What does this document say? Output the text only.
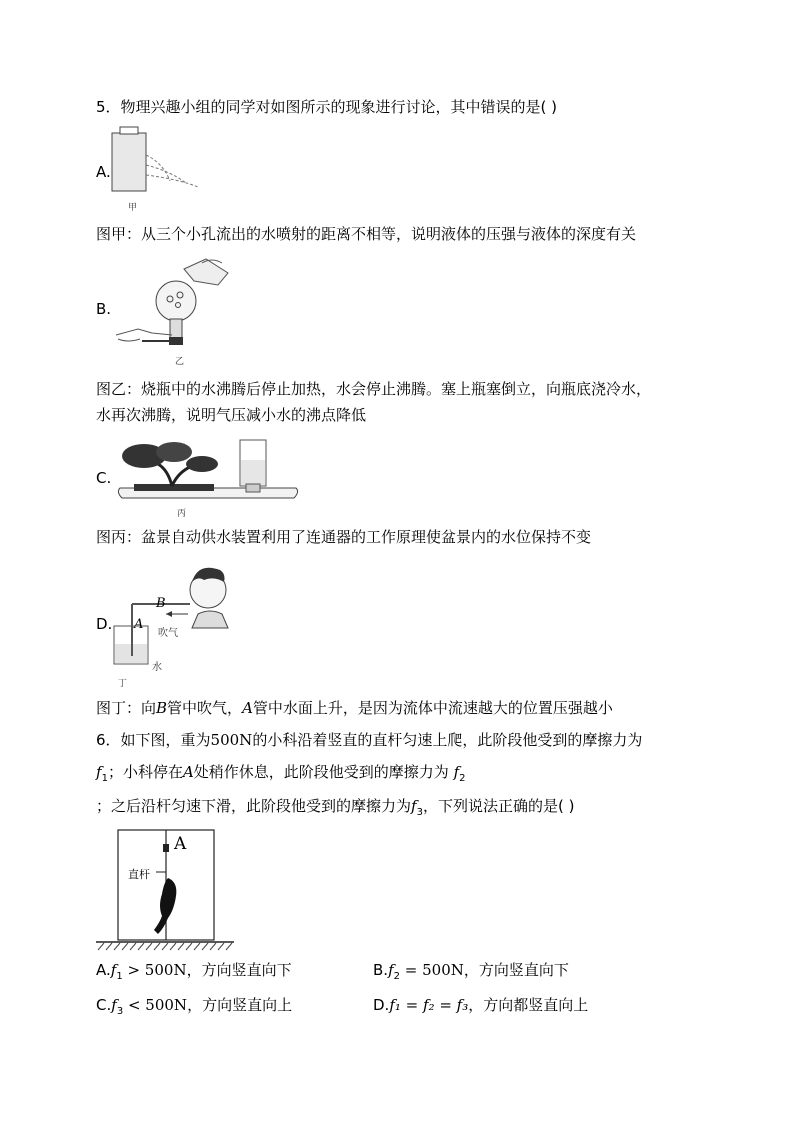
5．物理兴趣小组的同学对如图所示的现象进行讨论，其中错误的是( )
A.
甲
图甲：从三个小孔流出的水喷射的距离不相等，说明液体的压强与液体的深度有关
B.
乙
图乙：烧瓶中的水沸腾后停止加热，水会停止沸腾。塞上瓶塞倒立，向瓶底浇冷水，
水再次沸腾，说明气压减小水的沸点降低
C.
丙
图丙：盆景自动供水装置利用了连通器的工作原理使盆景内的水位保持不变
D.
B
A
吹气
水
丁
图丁：向B管中吹气，A管中水面上升，是因为流体中流速越大的位置压强越小
6．如下图，重为500N的小科沿着竖直的直杆匀速上爬，此阶段他受到的摩擦力为
$f_1$；小科停在A处稍作休息，此阶段他受到的摩擦力为 $f_2$
；之后沿杆匀速下滑，此阶段他受到的摩擦力为$f_3$，下列说法正确的是( )
A
直杆
$A.f_1 > 500N$，方向竖直向下	$B.f_2 = 500N$，方向竖直向下
$C.f_3 < 500N$，方向竖直向上	D.f₁ = f₂ = f₃，方向都竖直向上
